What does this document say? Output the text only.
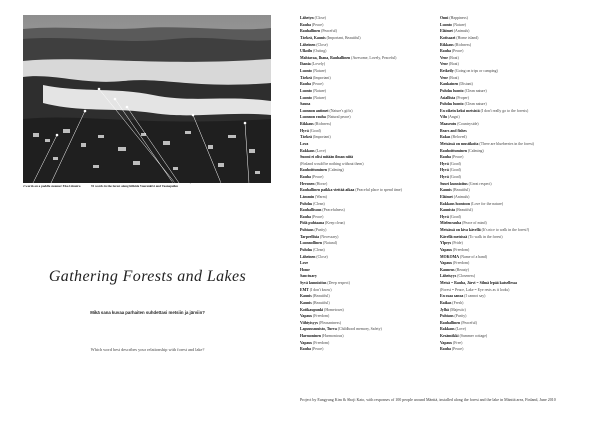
1 word at Pelkis	3 words at Mäntä Vuine Oy	1 word at G.A. Serlachius Museum
2 words on a paddle steamer Elsa Liinaira	91 words in the forest along hillside Vuorenkivi and Vaanapolku
Gathering Forests and Lakes
Mikä sana kuvaa parhaiten suhdettasi metsiin ja järviin?
Which word best describes your relationship with forest and lake?
Lähetyn (Close)
Rauha (Peace)
Rauhallinen (Peaceful)
Tärkeä, Kaunis (Important, Beautiful)
Läheinen (Close)
Ulkoilu (Outing)
Mahtavaa, Ihana, Rauhallinen (Awesome, Lovely, Peaceful)
Ihania (Lovely)
Luonto (Nature)
Tärkeä (Important)
Rauha (Peace)
Luonto (Nature)
Luonto (Nature)
Sauna
Luonnon antimet (Nature's gifts)
Luonnon rauha (Natural peace)
Rikkaus (Richness)
Hyvä (Good)
Tärkeä (Important)
Lova
Rakkaus (Love)
Suomi ei olisi mitään ilman niitä
(Finland would be nothing without them)
Rauhoittuminen (Calming)
Rauha (Peace)
Hevonen (Horse)
Rauhallinen paikka viettää aikaa (Peaceful place to spend time)
Lämmin (Warm)
Puhdas (Clean)
Rauhallisuus (Peacefulness)
Rauha (Peace)
Pidä puhtaana (Keep clean)
Puhtaus (Purity)
Tarpeellisia (Necessary)
Luonnollinen (Natural)
Puhdas (Clean)
Läheinen (Close)
Love
Home
Sanctuary
Syvä kunnioitus (Deep respect)
EMT (I don't know)
Kaunis (Beautiful)
Kaunis (Beautiful)
Kotikaupunki (Hometown)
Vapaus (Freedom)
Viihtyisyys (Pleasantness)
Lapsuusmuisto, Turva (Childhood memory, Safety)
Harmoninen (Harmonious)
Vapaus (Freedom)
Rauha (Peace)
Onni (Happiness)
Luonto (Nature)
Eläimet (Animals)
Kotisaari (Home island)
Rikkaus (Richness)
Rauha (Peace)
Vene (Boat)
Vene (Boat)
Retkeily (Going on trips or camping)
Vene (Boat)
Kaukainen (Distant)
Puhdas luonto (Clean nature)
Asiallista (Proper)
Puhdas luonto (Clean nature)
En oikein keksi metsistä (I don't really go to the forests)
Vilu (Angst)
Maaseutu (Countryside)
Bears and fishes
Rakas (Beloved)
Metsässä on mustikoita (There are blueberries in the forest)
Rauhoittuminen (Calming)
Rauha (Peace)
Hyvä (Good)
Hyvä (Good)
Hyvä (Good)
Suuri kunnioitus (Great respect)
Kaunis (Beautiful)
Eläimet (Animals)
Rakkaus luontoon (Love for the nature)
Kaunista (Beautiful)
Hyvä (Good)
Mielenrauha (Peace of mind)
Metsässä on kiva kävellä (It's nice to walk in the forest!)
Kävellä metsissä (To walk in the forest)
Ylpeys (Pride)
Vapaus (Freedom)
MOKOMA (Name of a band)
Vapaus (Freedom)
Kauneus (Beauty)
Läheisyys (Closeness)
Metsä = Rauha, Järvi = Silmä lepää katsellessa
(Forest = Peace, Lake = Eye rests as it looks)
En osaa sanoa (I cannot say)
Raikas (Fresh)
Jylhä (Majestic)
Puhtaus (Purity)
Rauhallinen (Peaceful)
Rakkaus (Love)
Kesämökki (Summer cottage)
Vapaus (Free)
Rauha (Peace)
Project by Eungyung Kim & Shoji Kato, with responses of 100 people around Mänttä, installed along the forest and the lake in Mänttä area, Finland, June 2010
